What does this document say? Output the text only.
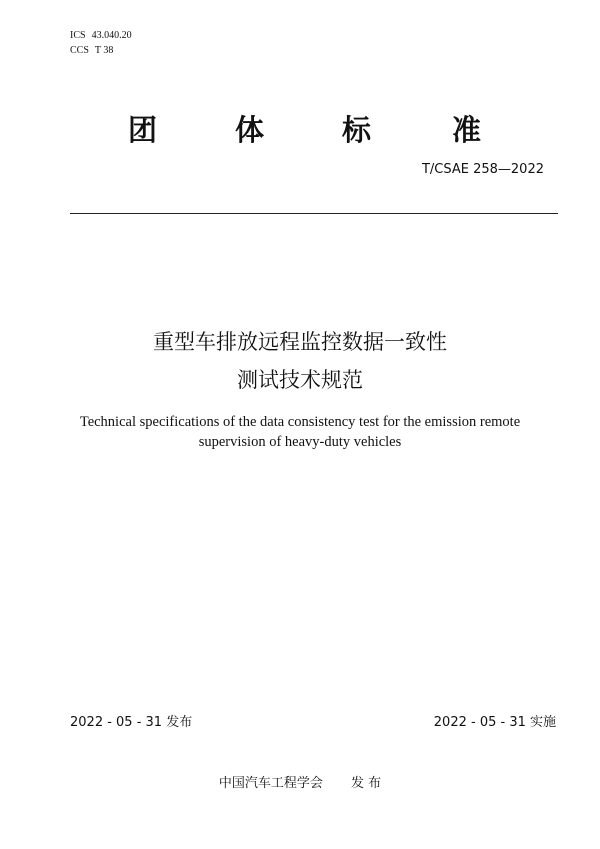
ICS 43.040.20
CCS T 38
团	体	标	准
T/CSAE 258—2022
重型车排放远程监控数据一致性
测试技术规范
Technical specifications of the data consistency test for the emission remote
supervision of heavy-duty vehicles
2022 - 05 - 31 发布	2022 - 05 - 31 实施
中国汽车工程学会 发 布
